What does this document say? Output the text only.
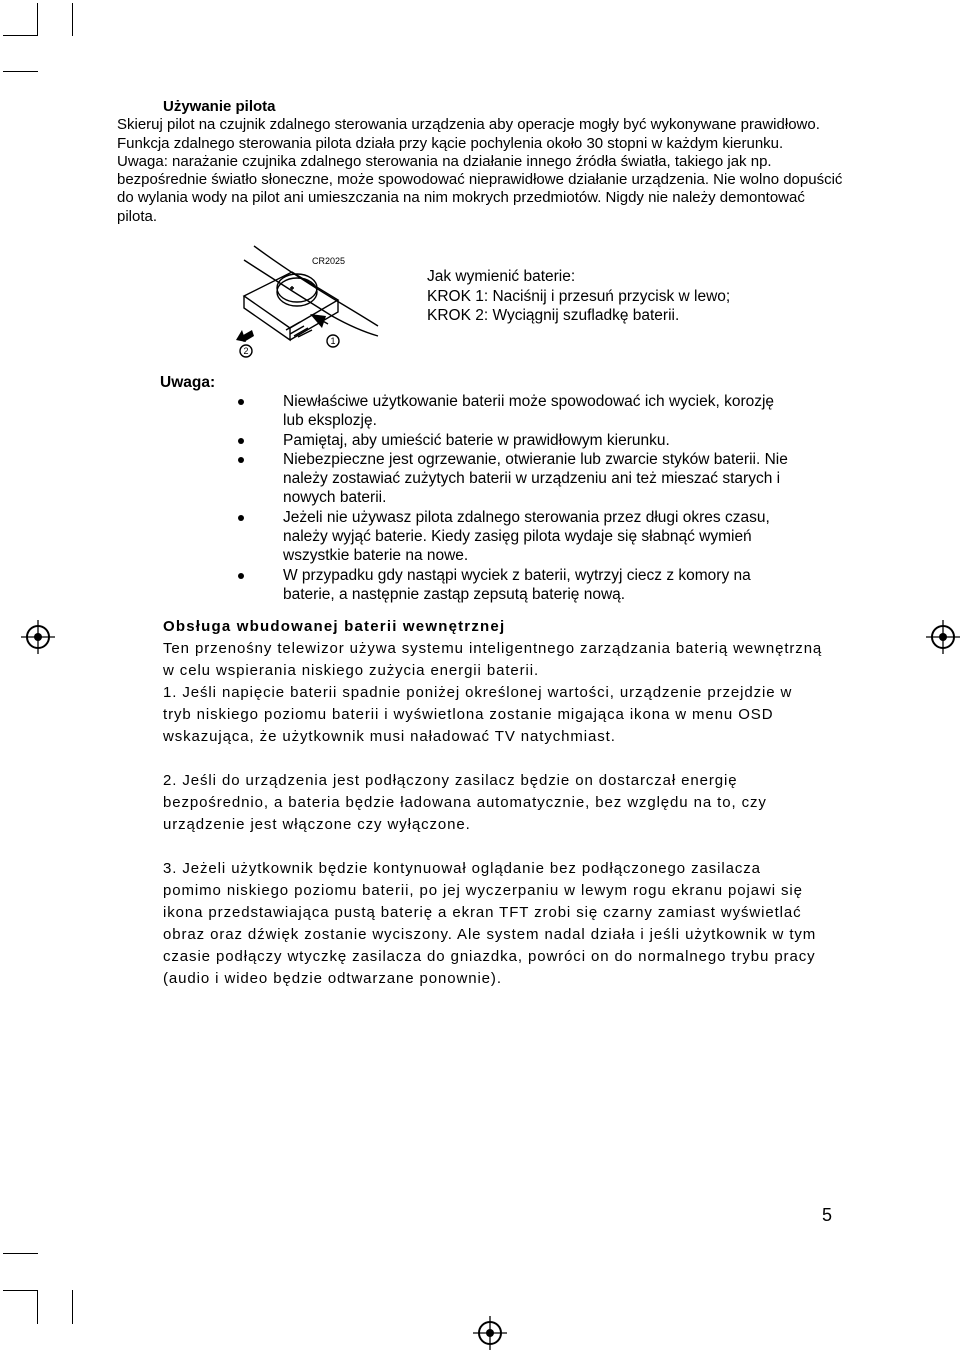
Używanie pilota

Skieruj pilot na czujnik zdalnego sterowania urządzenia aby operacje mogły być wykonywane prawidłowo. Funkcja zdalnego sterowania pilota działa przy kącie pochylenia około 30 stopni w każdym kierunku.

Uwaga: narażanie czujnika zdalnego sterowania na działanie innego źródła światła, takiego jak np. bezpośrednie światło słoneczne, może spowodować nieprawidłowe działanie urządzenia. Nie wolno dopuścić do wylania wody na pilot ani umieszczania na nim mokrych przedmiotów. Nigdy nie należy demontować pilota.

CR2025
1
2
Jak wymienić baterie:
KROK 1: Naciśnij i przesuń przycisk w lewo;
KROK 2: Wyciągnij szufladkę baterii.
Uwaga:
Niewłaściwe użytkowanie baterii może spowodować ich wyciek, korozję lub eksplozję.
Pamiętaj, aby umieścić baterie w prawidłowym kierunku.
Niebezpieczne jest ogrzewanie, otwieranie lub zwarcie styków baterii. Nie należy zostawiać zużytych baterii w urządzeniu ani też mieszać starych i nowych baterii.
Jeżeli nie używasz pilota zdalnego sterowania przez długi okres czasu, należy wyjąć baterie. Kiedy zasięg pilota wydaje się słabnąć wymień wszystkie baterie na nowe.
W przypadku gdy nastąpi wyciek z baterii, wytrzyj ciecz z komory na baterie, a następnie zastąp zepsutą baterię nową.
Obsługa wbudowanej baterii wewnętrznej

Ten przenośny telewizor używa systemu inteligentnego zarządzania baterią wewnętrzną w celu wspierania niskiego zużycia energii baterii.

1. Jeśli napięcie baterii spadnie poniżej określonej wartości, urządzenie przejdzie w tryb niskiego poziomu baterii i wyświetlona zostanie migająca ikona w menu OSD wskazująca, że użytkownik musi naładować TV natychmiast.

2. Jeśli do urządzenia jest podłączony zasilacz będzie on dostarczał energię bezpośrednio, a bateria będzie ładowana automatycznie, bez względu na to, czy urządzenie jest włączone czy wyłączone.

3. Jeżeli użytkownik będzie kontynuował oglądanie bez podłączonego zasilacza pomimo niskiego poziomu baterii, po jej wyczerpaniu w lewym rogu ekranu pojawi się ikona przedstawiająca pustą baterię a ekran TFT zrobi się czarny zamiast wyświetlać obraz oraz dźwięk zostanie wyciszony. Ale system nadal działa i jeśli użytkownik w tym czasie podłączy wtyczkę zasilacza do gniazdka, powróci on do normalnego trybu pracy (audio i wideo będzie odtwarzane ponownie).

5
